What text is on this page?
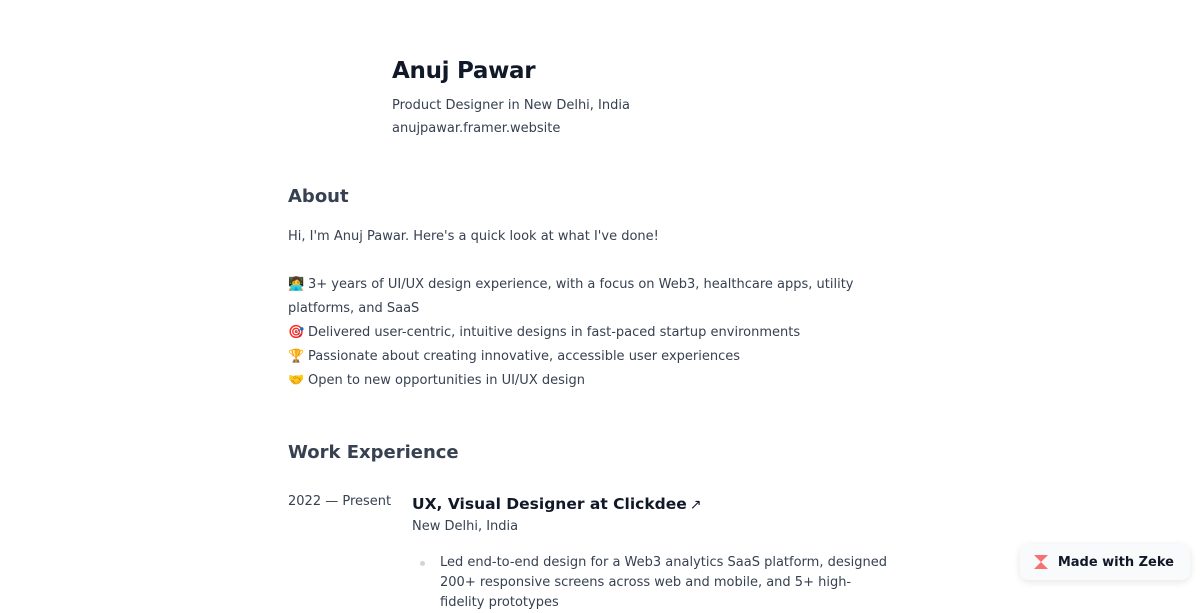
Anuj Pawar
Product Designer in New Delhi, India
anujpawar.framer.website
About

Hi, I'm Anuj Pawar. Here's a quick look at what I've done!

👩‍💻 3+ years of UI/UX design experience, with a focus on Web3, healthcare apps, utility platforms, and SaaS

🎯 Delivered user-centric, intuitive designs in fast-paced startup environments

🏆 Passionate about creating innovative, accessible user experiences

🤝 Open to new opportunities in UI/UX design

Work Experience
2022 — Present	UX, Visual Designer at Clickdee ↗
New Delhi, India
Led end-to-end design for a Web3 analytics SaaS platform, designed 200+ responsive screens across web and mobile, and 5+ high-fidelity prototypes
Made with Zeke
